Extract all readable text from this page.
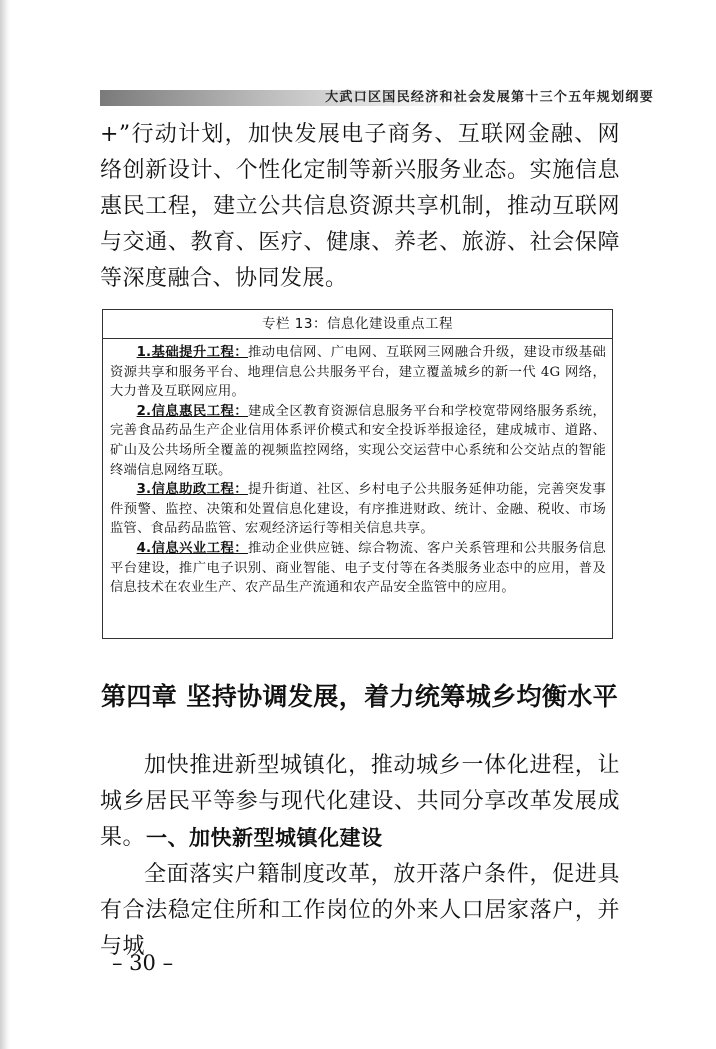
大武口区国民经济和社会发展第十三个五年规划纲要

+”行动计划，加快发展电子商务、互联网金融、网络创新设计、个性化定制等新兴服务业态。实施信息惠民工程，建立公共信息资源共享机制，推动互联网与交通、教育、医疗、健康、养老、旅游、社会保障等深度融合、协同发展。

专栏 13：信息化建设重点工程

1.基础提升工程：推动电信网、广电网、互联网三网融合升级，建设市级基础资源共享和服务平台、地理信息公共服务平台，建立覆盖城乡的新一代 4G 网络，大力普及互联网应用。

2.信息惠民工程：建成全区教育资源信息服务平台和学校宽带网络服务系统，完善食品药品生产企业信用体系评价模式和安全投诉举报途径，建成城市、道路、矿山及公共场所全覆盖的视频监控网络，实现公交运营中心系统和公交站点的智能终端信息网络互联。

3.信息助政工程：提升街道、社区、乡村电子公共服务延伸功能，完善突发事件预警、监控、决策和处置信息化建设，有序推进财政、统计、金融、税收、市场监管、食品药品监管、宏观经济运行等相关信息共享。

4.信息兴业工程：推动企业供应链、综合物流、客户关系管理和公共服务信息平台建设，推广电子识别、商业智能、电子支付等在各类服务业态中的应用，普及信息技术在农业生产、农产品生产流通和农产品安全监管中的应用。

第四章 坚持协调发展，着力统筹城乡均衡水平

加快推进新型城镇化，推动城乡一体化进程，让城乡居民平等参与现代化建设、共同分享改革发展成果。 一、加快新型城镇化建设

全面落实户籍制度改革，放开落户条件，促进具有合法稳定住所和工作岗位的外来人口居家落户，并与城

– 30 –
